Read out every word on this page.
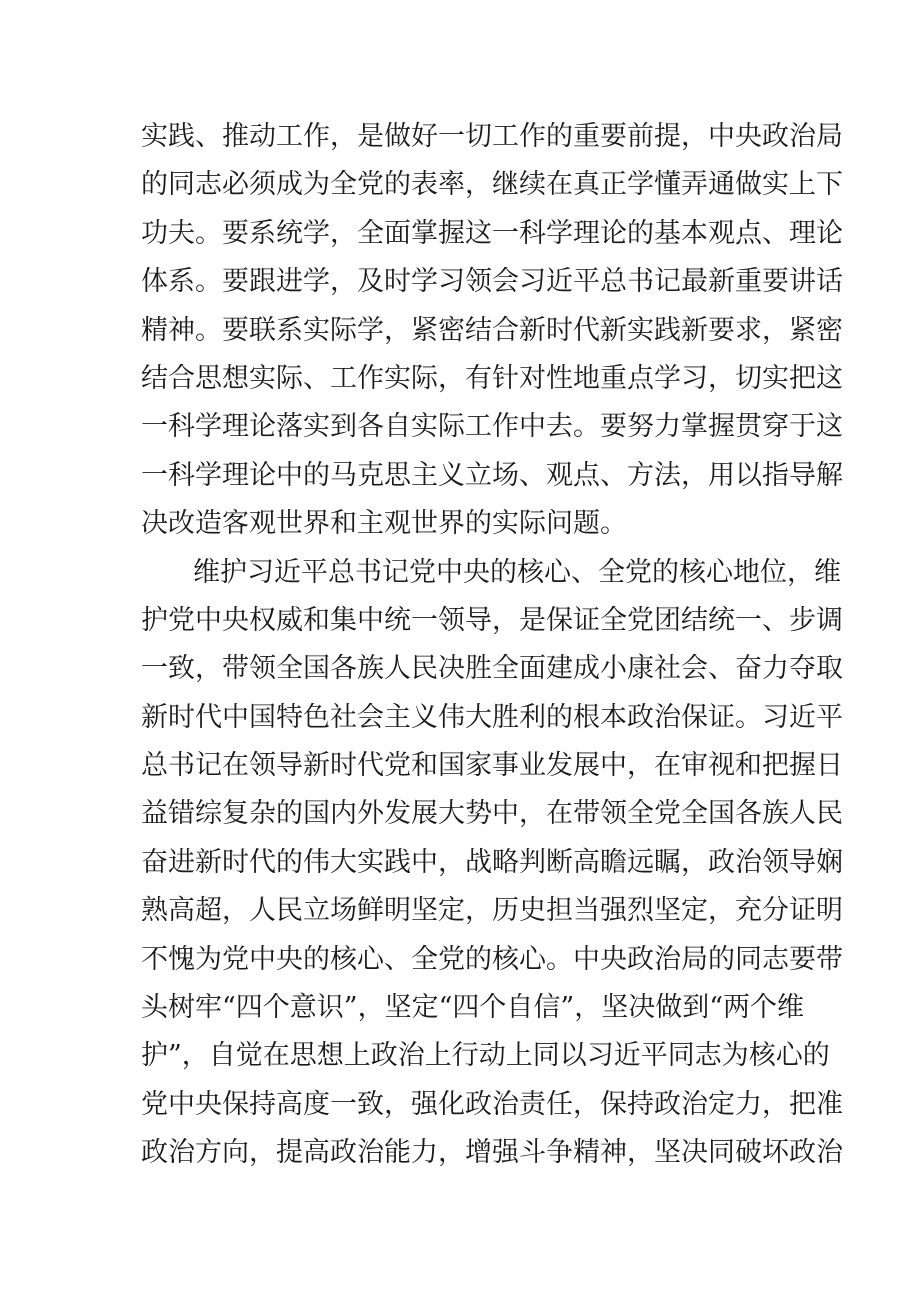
实践、推动工作，是做好一切工作的重要前提，中央政治局
的同志必须成为全党的表率，继续在真正学懂弄通做实上下
功夫。要系统学，全面掌握这一科学理论的基本观点、理论
体系。要跟进学，及时学习领会习近平总书记最新重要讲话
精神。要联系实际学，紧密结合新时代新实践新要求，紧密
结合思想实际、工作实际，有针对性地重点学习，切实把这
一科学理论落实到各自实际工作中去。要努力掌握贯穿于这
一科学理论中的马克思主义立场、观点、方法，用以指导解
决改造客观世界和主观世界的实际问题。
维护习近平总书记党中央的核心、全党的核心地位，维
护党中央权威和集中统一领导，是保证全党团结统一、步调
一致，带领全国各族人民决胜全面建成小康社会、奋力夺取
新时代中国特色社会主义伟大胜利的根本政治保证。习近平
总书记在领导新时代党和国家事业发展中，在审视和把握日
益错综复杂的国内外发展大势中，在带领全党全国各族人民
奋进新时代的伟大实践中，战略判断高瞻远瞩，政治领导娴
熟高超，人民立场鲜明坚定，历史担当强烈坚定，充分证明
不愧为党中央的核心、全党的核心。中央政治局的同志要带
头树牢“四个意识”，坚定“四个自信”，坚决做到“两个维
护”，自觉在思想上政治上行动上同以习近平同志为核心的
党中央保持高度一致，强化政治责任，保持政治定力，把准
政治方向，提高政治能力，增强斗争精神，坚决同破坏政治
